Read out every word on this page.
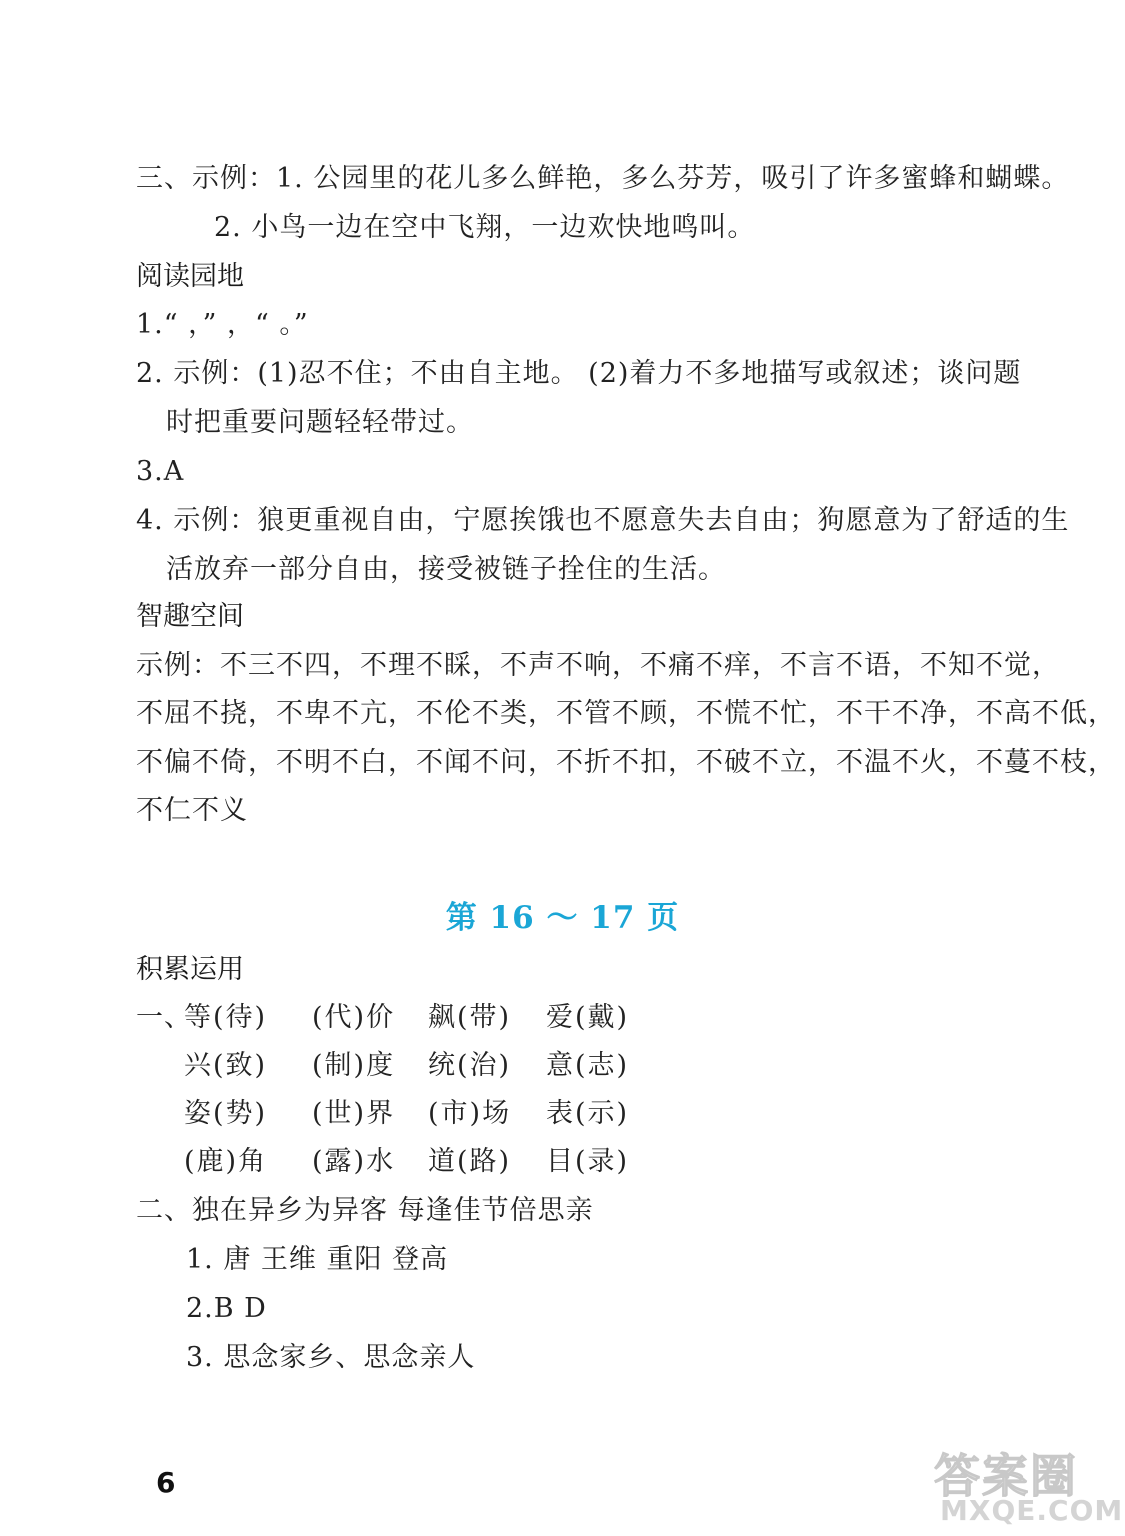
三、示例：1. 公园里的花儿多么鲜艳，多么芬芳，吸引了许多蜜蜂和蝴蝶。
2. 小鸟一边在空中飞翔，一边欢快地鸣叫。
阅读园地
1.“ ，” ，“ 。”
2. 示例：(1)忍不住；不由自主地。 (2)着力不多地描写或叙述；谈问题
时把重要问题轻轻带过。
3.A
4. 示例：狼更重视自由，宁愿挨饿也不愿意失去自由；狗愿意为了舒适的生
活放弃一部分自由，接受被链子拴住的生活。
智趣空间
示例：不三不四，不理不睬，不声不响，不痛不痒，不言不语，不知不觉，
不屈不挠，不卑不亢，不伦不类，不管不顾，不慌不忙，不干不净，不高不低，
不偏不倚，不明不白，不闻不问，不折不扣，不破不立，不温不火，不蔓不枝，
不仁不义
第 16 ～ 17 页
积累运用
一、
等(待) (代)价 飙(带) 爱(戴)
兴(致) (制)度 统(治) 意(志)
姿(势) (世)界 (市)场 表(示)
(鹿)角 (露)水 道(路) 目(录)
二、独在异乡为异客 每逢佳节倍思亲
1. 唐 王维 重阳 登高
2.B D
3. 思念家乡、思念亲人
6	答案圈
MXQE.COM
